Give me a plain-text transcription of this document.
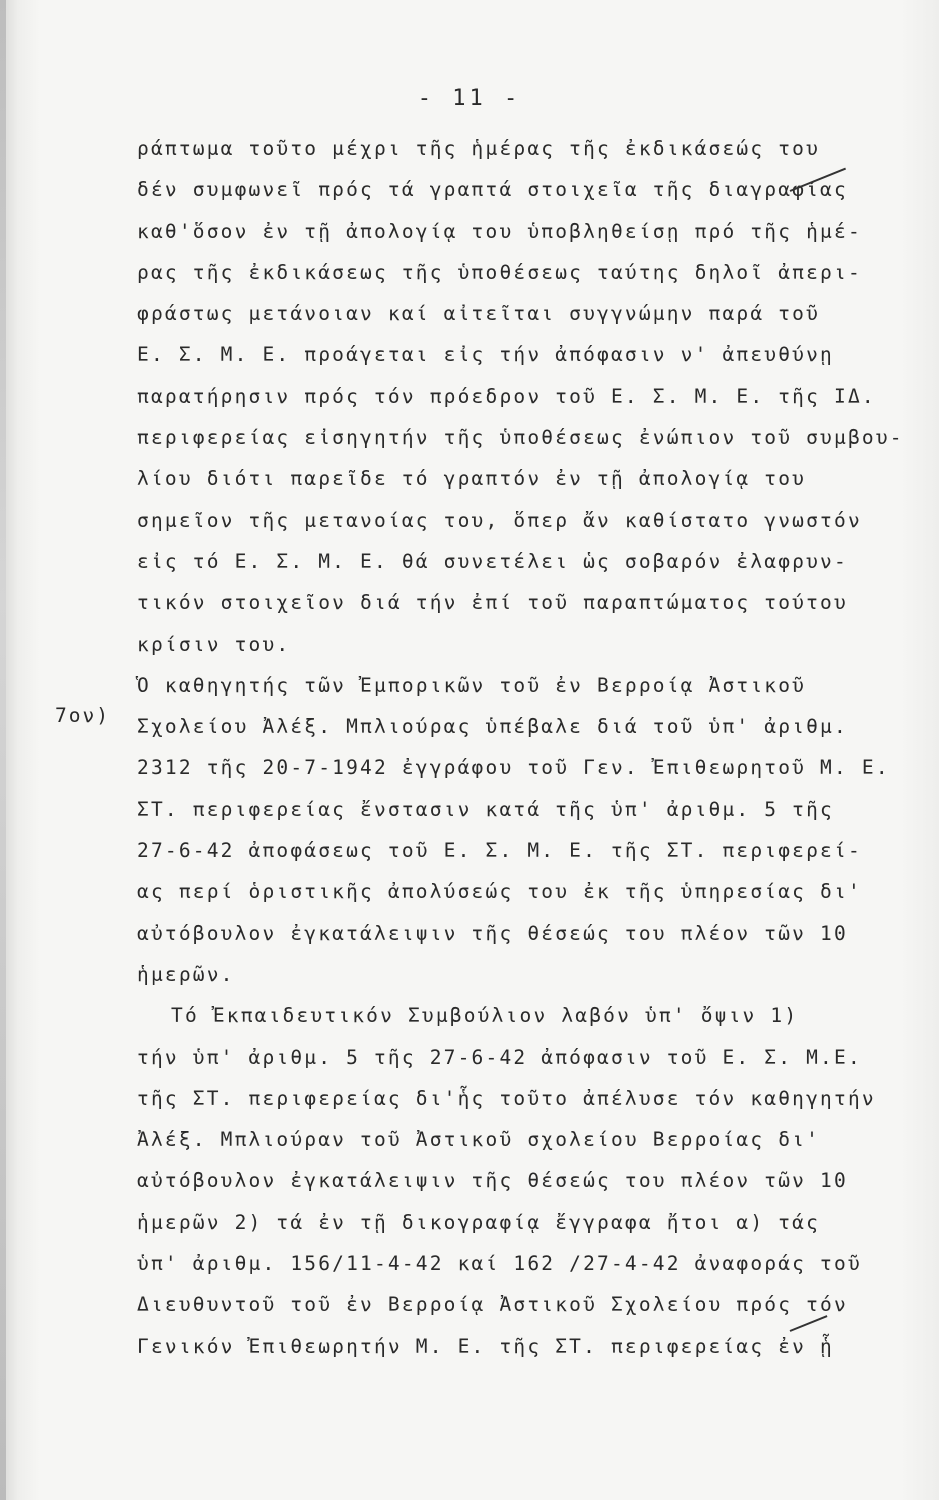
- 11 -
ράπτωμα τοῦτο μέχρι τῆς ἡμέρας τῆς ἐκδικάσεώς του
δέν συμφωνεῖ πρός τά γραπτά στοιχεῖα τῆς διαγραφίας
καθ'ὅσον ἐν τῇ ἀπολογίᾳ του ὑποβληθείσῃ πρό τῆς ἡμέ-
ρας τῆς ἐκδικάσεως τῆς ὑποθέσεως ταύτης δηλοῖ ἀπερι-
φράστως μετάνοιαν καί αἰτεῖται συγγνώμην παρά τοῦ
Ε. Σ. Μ. Ε. προάγεται εἰς τήν ἀπόφασιν ν' ἀπευθύνῃ
παρατήρησιν πρός τόν πρόεδρον τοῦ Ε. Σ. Μ. Ε. τῆς ΙΔ.
περιφερείας εἰσηγητήν τῆς ὑποθέσεως ἐνώπιον τοῦ συμβου-
λίου διότι παρεῖδε τό γραπτόν ἐν τῇ ἀπολογίᾳ του
σημεῖον τῆς μετανοίας του, ὅπερ ἄν καθίστατο γνωστόν
εἰς τό Ε. Σ. Μ. Ε. θά συνετέλει ὡς σοβαρόν ἐλαφρυν-
τικόν στοιχεῖον διά τήν ἐπί τοῦ παραπτώματος τούτου
κρίσιν του.
Ὁ καθηγητής τῶν Ἐμπορικῶν τοῦ ἐν Βερροίᾳ Ἀστικοῦ
Σχολείου Ἀλέξ. Μπλιούρας ὑπέβαλε διά τοῦ ὑπ' ἀριθμ.
2312 τῆς 20-7-1942 ἐγγράφου τοῦ Γεν. Ἐπιθεωρητοῦ Μ. Ε.
ΣΤ. περιφερείας ἔνστασιν κατά τῆς ὑπ' ἀριθμ. 5 τῆς
27-6-42 ἀποφάσεως τοῦ Ε. Σ. Μ. Ε. τῆς ΣΤ. περιφερεί-
ας περί ὁριστικῆς ἀπολύσεώς του ἐκ τῆς ὑπηρεσίας δι'
αὐτόβουλον ἐγκατάλειψιν τῆς θέσεώς του πλέον τῶν 10
ἡμερῶν.
Τό Ἐκπαιδευτικόν Συμβούλιον λαβόν ὑπ' ὄψιν 1)
τήν ὑπ' ἀριθμ. 5 τῆς 27-6-42 ἀπόφασιν τοῦ Ε. Σ. Μ.Ε.
τῆς ΣΤ. περιφερείας δι'ἧς τοῦτο ἀπέλυσε τόν καθηγητήν
Ἀλέξ. Μπλιούραν τοῦ Ἀστικοῦ σχολείου Βερροίας δι'
αὐτόβουλον ἐγκατάλειψιν τῆς θέσεώς του πλέον τῶν 10
ἡμερῶν 2) τά ἐν τῇ δικογραφίᾳ ἔγγραφα ἤτοι α) τάς
ὑπ' ἀριθμ. 156/11-4-42 καί 162 /27-4-42 ἀναφοράς τοῦ
Διευθυντοῦ τοῦ ἐν Βερροίᾳ Ἀστικοῦ Σχολείου πρός τόν
Γενικόν Ἐπιθεωρητήν Μ. Ε. τῆς ΣΤ. περιφερείας ἐν ᾗ
7ον)
